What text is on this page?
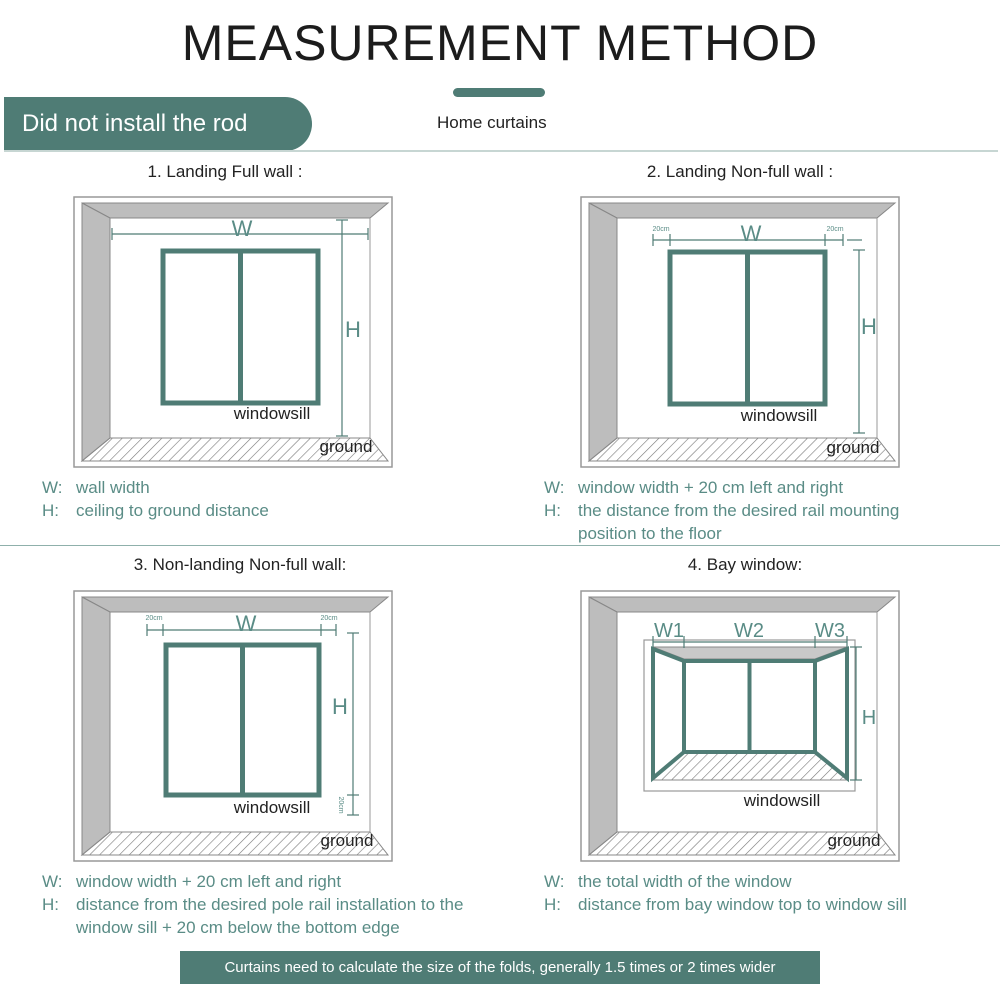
MEASUREMENT METHOD
Did not install the rod	Home curtains
1. Landing Full wall :	2. Landing Non-full wall :
3. Non-landing Non-full wall:	4. Bay window:
W
H
windowsill
ground
20cm	20cm
W
H
windowsill
ground
20cm	20cm
20cm
W
H
windowsill
ground
W1	W2	W3
H
windowsill
ground
W: wall width
H: ceiling to ground distance
W: window width + 20 cm left and right
H: the distance from the desired rail mounting
position to the floor
W: window width + 20 cm left and right
H: distance from the desired pole rail installation to the
window sill + 20 cm below the bottom edge
W: the total width of the window
H: distance from bay window top to window sill
Curtains need to calculate the size of the folds, generally 1.5 times or 2 times wider
